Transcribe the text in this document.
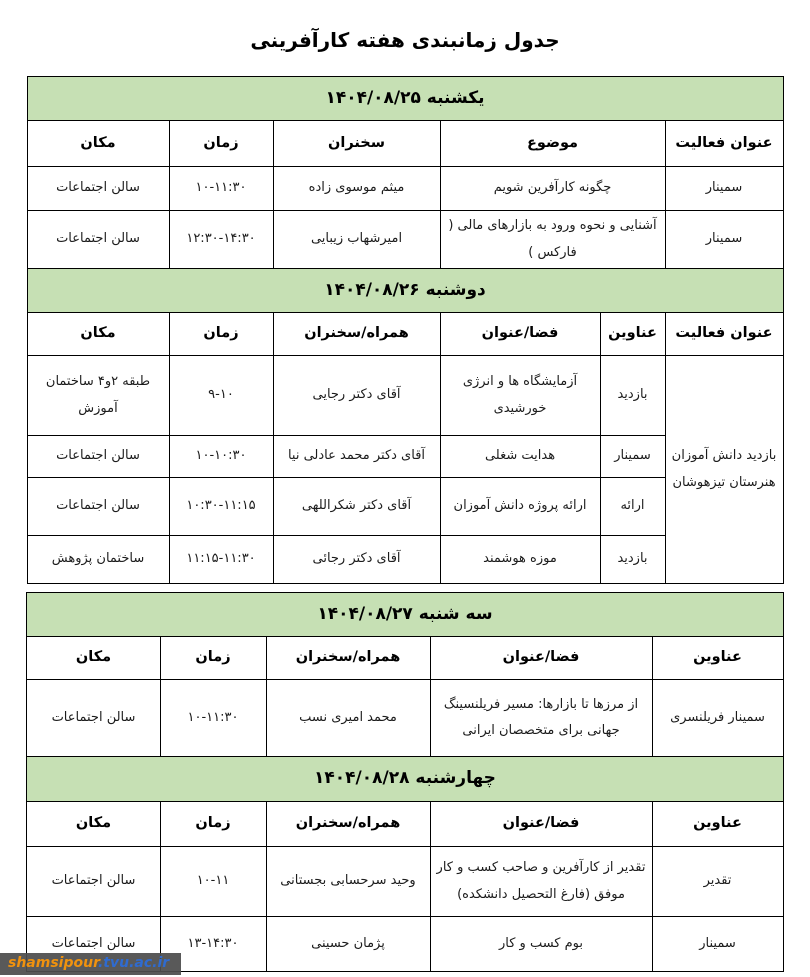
جدول زمانبندی هفته کارآفرینی
یکشنبه ۱۴۰۴/۰۸/۲۵					
عنوان فعالیت	موضوع		سخنران	زمان	مکان
سمینار	چگونه کارآفرین شویم		میثم موسوی زاده	۱۰-۱۱:۳۰	سالن اجتماعات
سمینار	آشنایی و نحوه ورود به بازارهای مالی ( فارکس )		امیرشهاب زیبایی	۱۲:۳۰-۱۴:۳۰	سالن اجتماعات
دوشنبه ۱۴۰۴/۰۸/۲۶					
عنوان فعالیت	عناوین	فضا/عنوان	همراه/سخنران	زمان	مکان
بازدید دانش آموزان هنرستان تیزهوشان	بازدید	آزمایشگاه ها و انرژی خورشیدی	آقای دکتر رجایی	۹-۱۰	طبقه ۲و۴ ساختمان آموزش
	سمینار	هدایت شغلی	آقای دکتر محمد عادلی نیا	۱۰-۱۰:۳۰	سالن اجتماعات
	ارائه	ارائه پروژه دانش آموزان	آقای دکتر شکراللهی	۱۰:۳۰-۱۱:۱۵	سالن اجتماعات
	بازدید	موزه هوشمند	آقای دکتر رجائی	۱۱:۱۵-۱۱:۳۰	ساختمان پژوهش
سه شنبه ۱۴۰۴/۰۸/۲۷				
عناوین	فضا/عنوان	همراه/سخنران	زمان	مکان
سمینار فریلنسری	از مرزها تا بازارها: مسیر فریلنسینگ جهانی برای متخصصان ایرانی	محمد امیری نسب	۱۰-۱۱:۳۰	سالن اجتماعات
چهارشنبه ۱۴۰۴/۰۸/۲۸				
عناوین	فضا/عنوان	همراه/سخنران	زمان	مکان
تقدیر	تقدیر از کارآفرین و صاحب کسب و کار موفق (فارغ التحصیل دانشکده)	وحید سرحسابی بجستانی	۱۰-۱۱	سالن اجتماعات
سمینار	بوم کسب و کار	پژمان حسینی	۱۳-۱۴:۳۰	سالن اجتماعات
shamsipour.tvu.ac.ir
